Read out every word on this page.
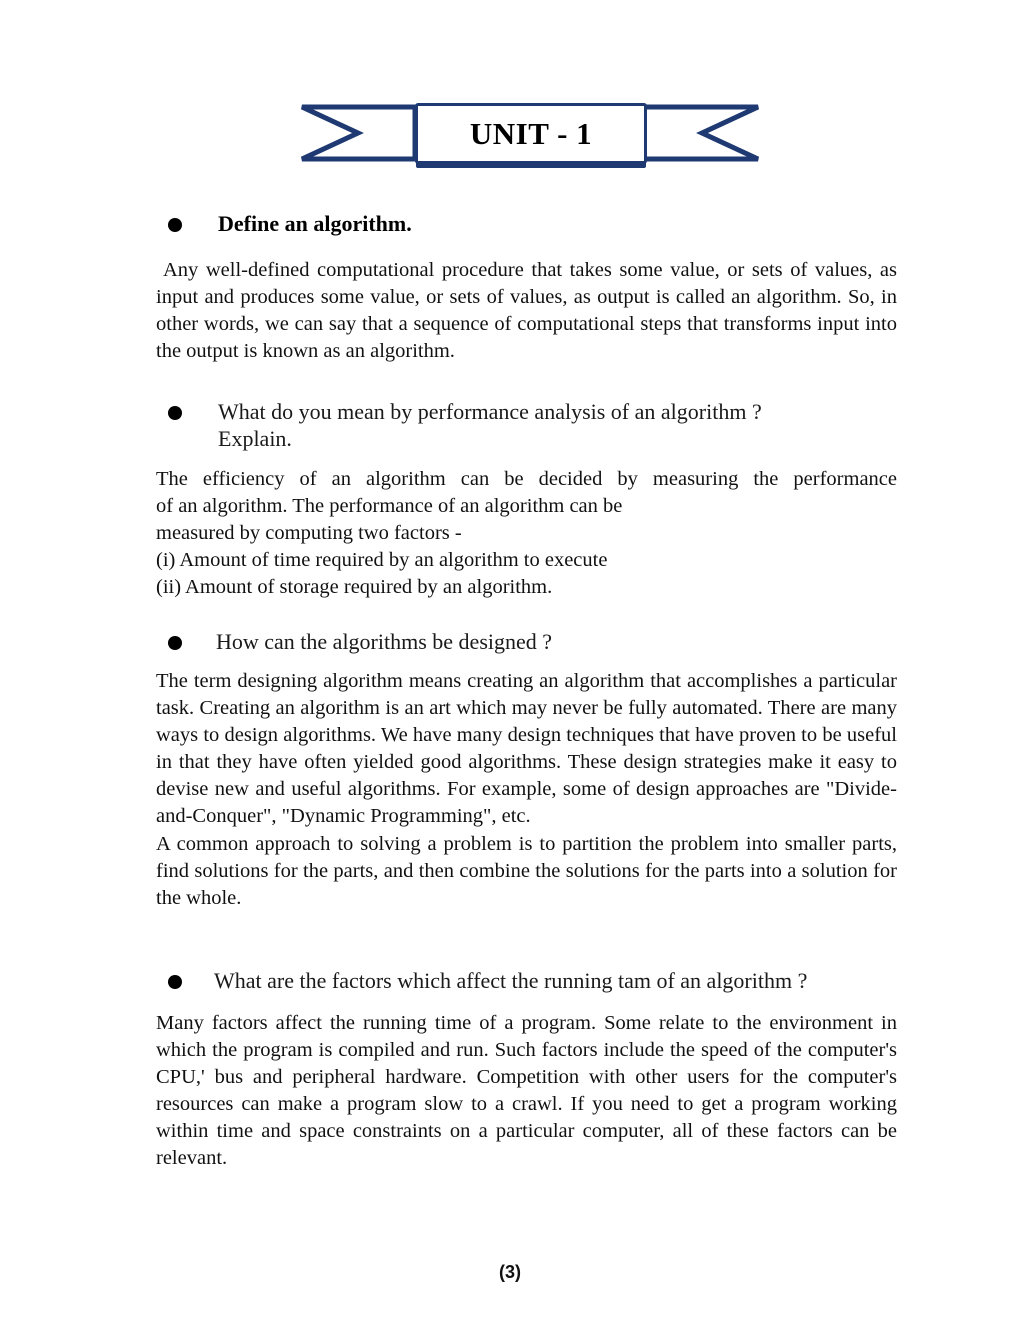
UNIT - 1
Define an algorithm.
Any well-defined computational procedure that takes some value, or sets of values, as input and produces some value, or sets of values, as output is called an algorithm. So, in other words, we can say that a sequence of computational steps that transforms input into the output is known as an algorithm.
What do you mean by performance analysis of an algorithm ?
Explain.
The efficiency of an algorithm can be decided by measuring the performance
of an algorithm. The performance of an algorithm can be
measured by computing two factors -
(i) Amount of time required by an algorithm to execute
(ii) Amount of storage required by an algorithm.
How can the algorithms be designed ?
The term designing algorithm means creating an algorithm that accomplishes a particular task. Creating an algorithm is an art which may never be fully automated. There are many ways to design algorithms. We have many design techniques that have proven to be useful in that they have often yielded good algorithms. These design strategies make it easy to devise new and useful algorithms. For example, some of design approaches are "Divide-and-Conquer", "Dynamic Programming", etc.
A common approach to solving a problem is to partition the problem into smaller parts, find solutions for the parts, and then combine the solutions for the parts into a solution for the whole.
What are the factors which affect the running tam of an algorithm ?
Many factors affect the running time of a program. Some relate to the environment in which the program is compiled and run. Such factors include the speed of the computer's CPU,' bus and peripheral hardware. Competition with other users for the computer's resources can make a program slow to a crawl. If you need to get a program working within time and space constraints on a particular computer, all of these factors can be relevant.
(3)
